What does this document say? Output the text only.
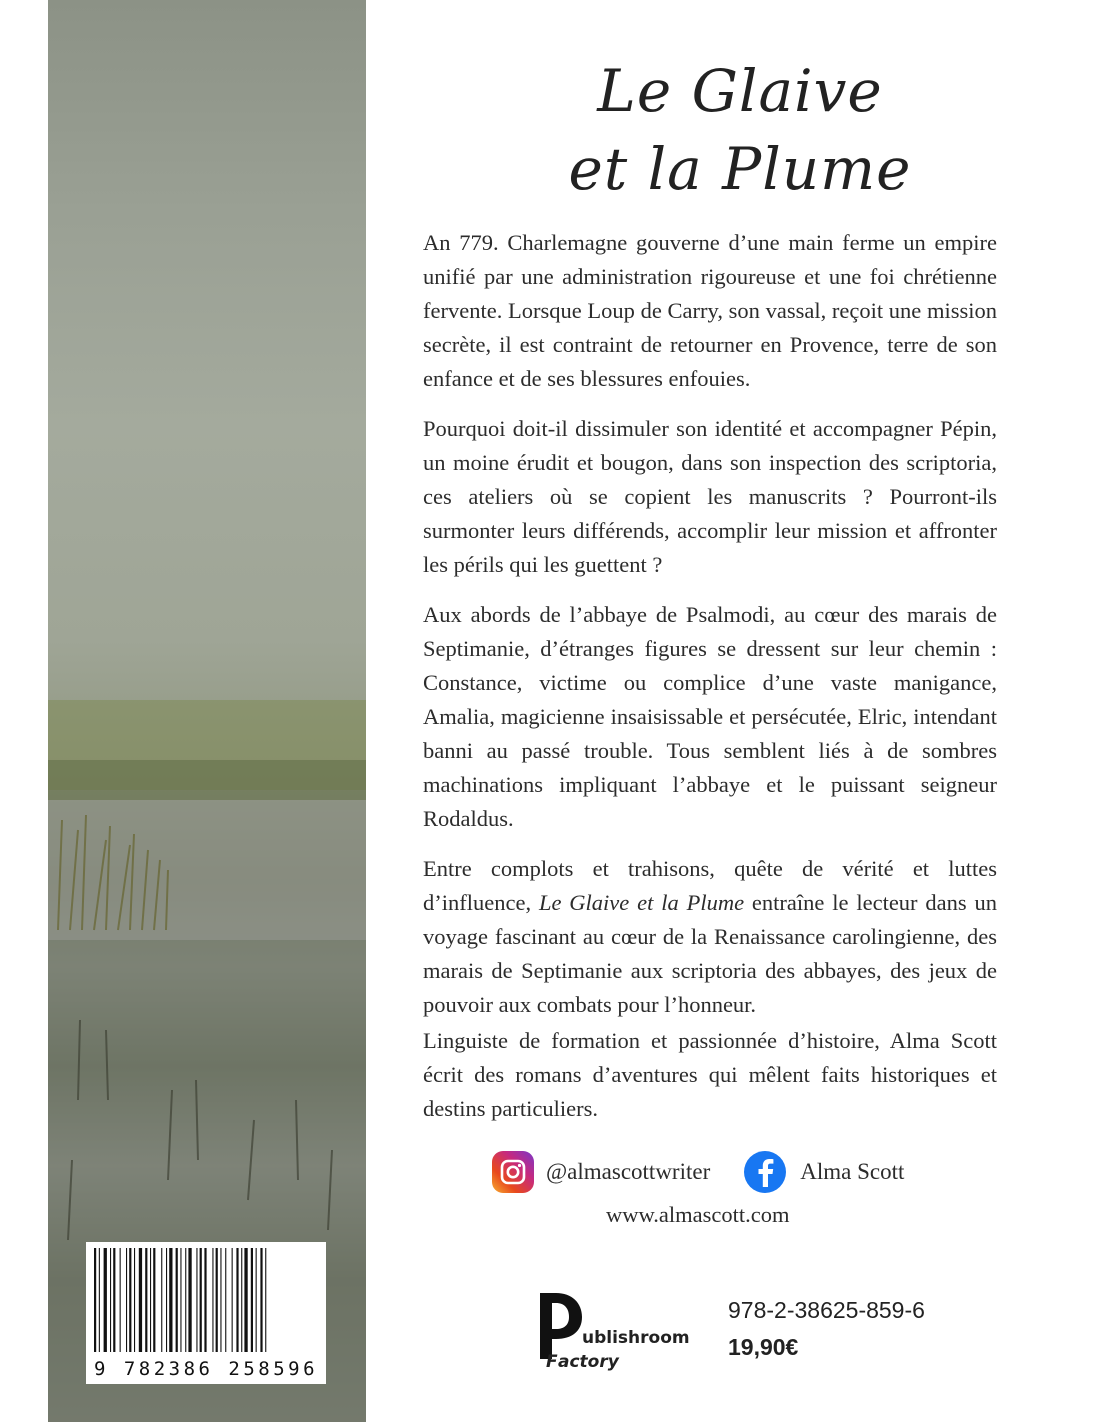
9 782386 258596
Le Glaive
et la Plume

An 779. Charlemagne gouverne d’une main ferme un empire unifié par une administration rigoureuse et une foi chrétienne fervente. Lorsque Loup de Carry, son vassal, reçoit une mission secrète, il est contraint de retourner en Provence, terre de son enfance et de ses blessures enfouies.

Pourquoi doit-il dissimuler son identité et accompagner Pépin, un moine érudit et bougon, dans son inspection des scriptoria, ces ateliers où se copient les manuscrits ? Pourront-ils surmonter leurs différends, accomplir leur mission et affronter les périls qui les guettent ?

Aux abords de l’abbaye de Psalmodi, au cœur des marais de Septimanie, d’étranges figures se dressent sur leur chemin : Constance, victime ou complice d’une vaste manigance, Amalia, magicienne insaisissable et persécutée, Elric, intendant banni au passé trouble. Tous semblent liés à de sombres machinations impliquant l’abbaye et le puissant seigneur Rodaldus.

Entre complots et trahisons, quête de vérité et luttes d’influence, Le Glaive et la Plume entraîne le lecteur dans un voyage fascinant au cœur de la Renaissance carolingienne, des marais de Septimanie aux scriptoria des abbayes, des jeux de pouvoir aux combats pour l’honneur.

Linguiste de formation et passionnée d’histoire, Alma Scott écrit des romans d’aventures qui mêlent faits historiques et destins particuliers.

@almascottwriter	Alma Scott
www.almascott.com
ublishroom
F actory
978-2-38625-859-6
19,90€
